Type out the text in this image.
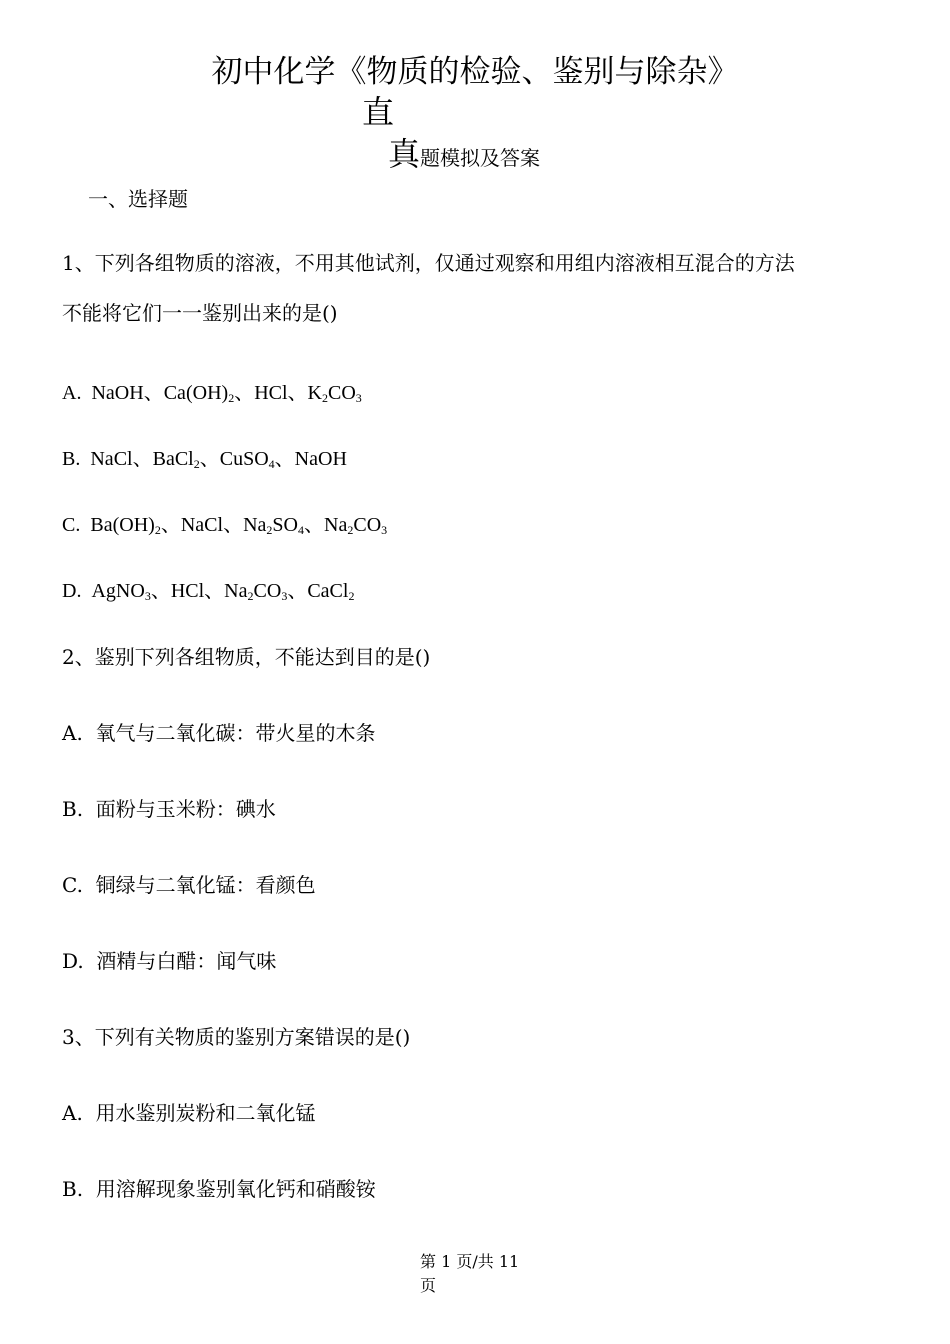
初中化学《物质的检验、鉴别与除杂》
直
真题模拟及答案
一、选择题
1、下列各组物质的溶液，不用其他试剂，仅通过观察和用组内溶液相互混合的方法
不能将它们一一鉴别出来的是()
A. NaOH、$Ca(OH)_2$、HCl、$K_2CO_3$
B. NaCl、BaCl$_2$、CuSO$_4$、NaOH
C. $Ba(OH)_2$、NaCl、$Na_2SO_4$、$Na_2CO_3$
D. AgNO$_3$、HCl、$Na_2CO_3$、CaCl$_2$
2、鉴别下列各组物质，不能达到目的是()
A. 氧气与二氧化碳：带火星的木条
B. 面粉与玉米粉：碘水
C. 铜绿与二氧化锰：看颜色
D. 酒精与白醋：闻气味
3、下列有关物质的鉴别方案错误的是()
A. 用水鉴别炭粉和二氧化锰
B. 用溶解现象鉴别氧化钙和硝酸铵
第 1 页/共 11
页
